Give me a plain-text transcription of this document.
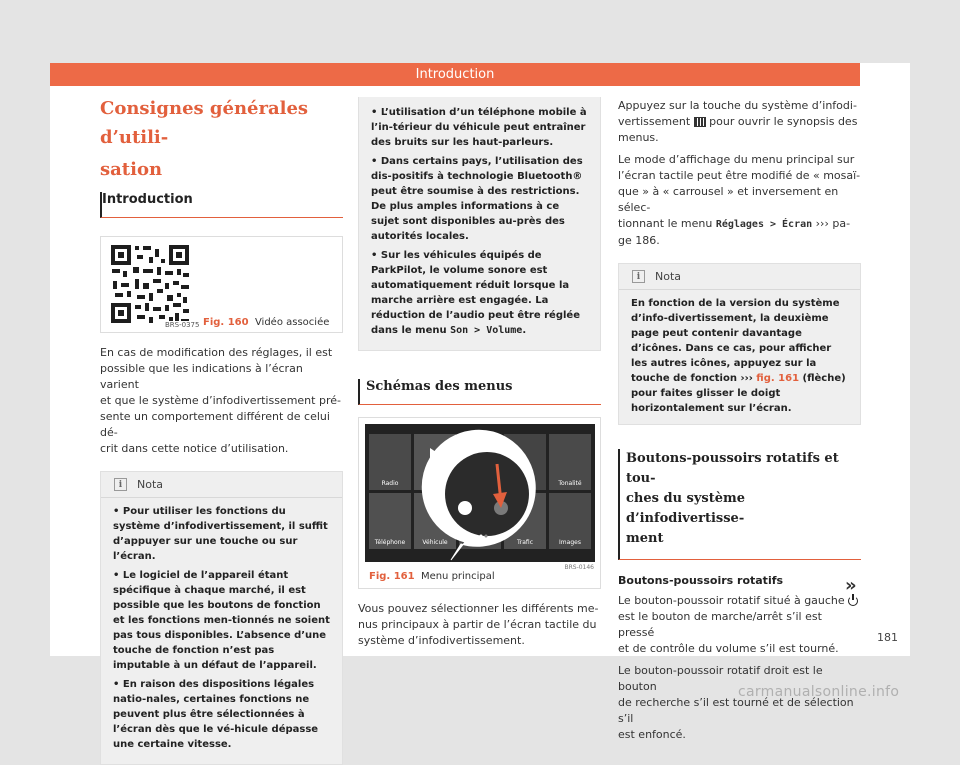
Introduction
Consignes générales d’utili-
sation
Introduction
BRS-0375 Fig. 160 Vidéo associée
En cas de modification des réglages, il est
possible que les indications à l’écran varient
et que le système d’infodivertissement pré-
sente un comportement différent de celui dé-
crit dans cette notice d’utilisation.
i	Nota
• Pour utiliser les fonctions du système d’infodivertissement, il suffit d’appuyer sur une touche ou sur l’écran.
• Le logiciel de l’appareil étant spécifique à chaque marché, il est possible que les boutons de fonction et les fonctions men-tionnés ne soient pas tous disponibles. L’absence d’une touche de fonction n’est pas imputable à un défaut de l’appareil.
• En raison des dispositions légales natio-nales, certaines fonctions ne peuvent plus être sélectionnées à l’écran dès que le vé-hicule dépasse une certaine vitesse.
• L’utilisation d’un téléphone mobile à l’in-térieur du véhicule peut entraîner des bruits sur les haut-parleurs.
• Dans certains pays, l’utilisation des dis-positifs à technologie Bluetooth® peut être soumise à des restrictions. De plus amples informations à ce sujet sont disponibles au-près des autorités locales.
• Sur les véhicules équipés de ParkPilot, le volume sonore est automatiquement réduit lorsque la marche arrière est engagée. La réduction de l’audio peut être réglée dans le menu Son > Volume.
Schémas des menus
Radio	Tonalité
Téléphone	Véhicule	Trafic	Images
BRS-0146
Fig. 161 Menu principal
Vous pouvez sélectionner les différents me-
nus principaux à partir de l’écran tactile du
système d’infodivertissement.
Appuyez sur la touche du système d’infodi-
vertissement pour ouvrir le synopsis des
menus.
Le mode d’affichage du menu principal sur
l’écran tactile peut être modifié de « mosaï-
que » à « carrousel » et inversement en sélec-
tionnant le menu Réglages > Écran ››› pa-
ge 186.
i	Nota
En fonction de la version du système d’info-divertissement, la deuxième page peut contenir davantage d’icônes. Dans ce cas, pour afficher les autres icônes, appuyez sur la touche de fonction ››› fig. 161 (flèche) pour faites glisser le doigt horizontalement sur l’écran.
Boutons-poussoirs rotatifs et tou-
ches du système d’infodivertisse-
ment
Boutons-poussoirs rotatifs
Le bouton-poussoir rotatif situé à gauche
est le bouton de marche/arrêt s’il est pressé
et de contrôle du volume s’il est tourné.
Le bouton-poussoir rotatif droit est le bouton
de recherche s’il est tourné et de sélection s’il
est enfoncé.
»
181
carmanualsonline.info
